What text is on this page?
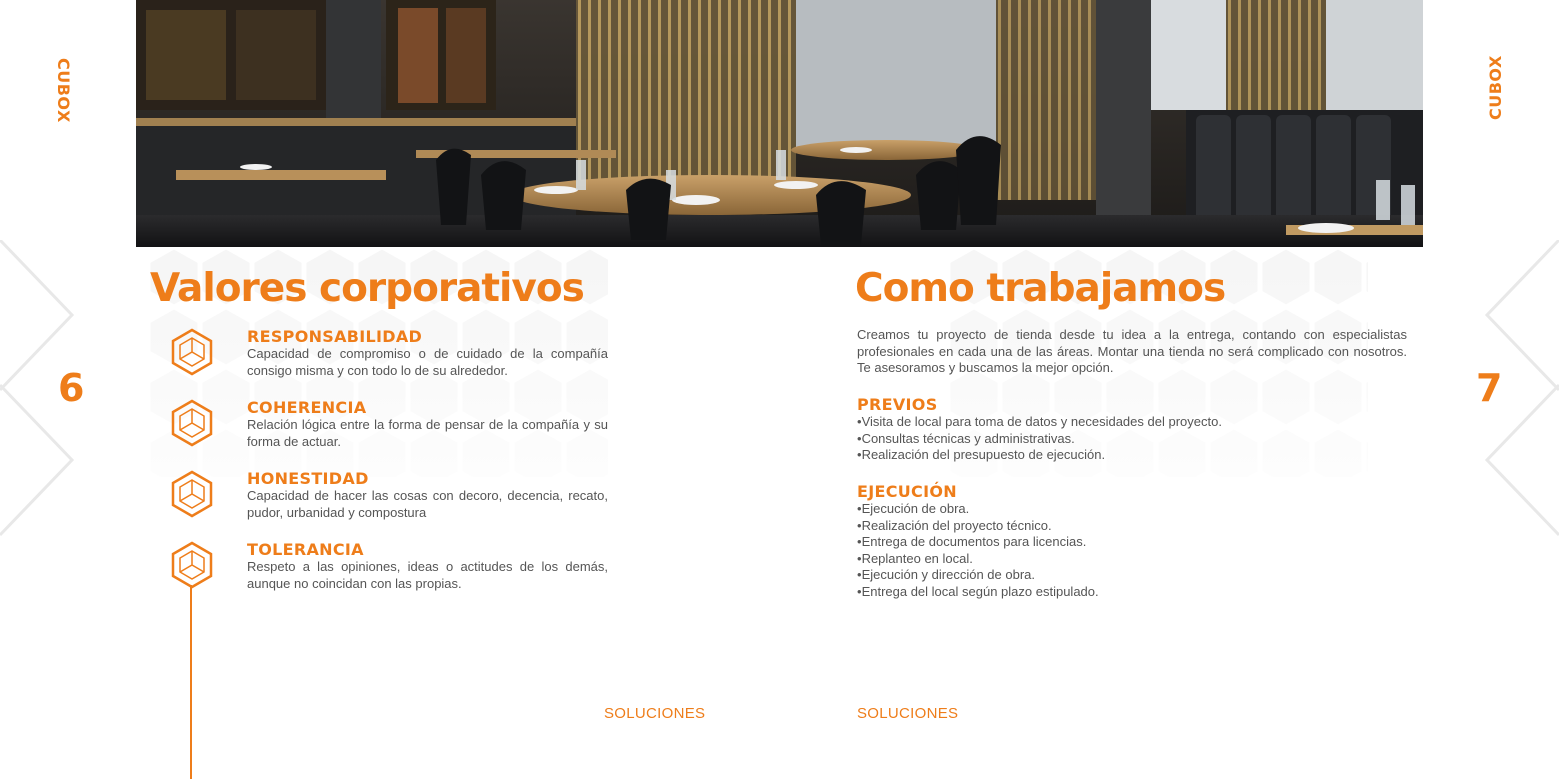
CUBOX	CUBOX
6	7
Valores corporativos
RESPONSABILIDAD
Capacidad de compromiso o de cuidado de la compañía consigo misma y con todo lo de su alrededor.
COHERENCIA
Relación lógica entre la forma de pensar de la compañía y su forma de actuar.
HONESTIDAD
Capacidad de hacer las cosas con decoro, decencia, recato, pudor, urbanidad y compostura
TOLERANCIA
Respeto a las opiniones, ideas o actitudes de los demás, aunque no coincidan con las propias.
Como trabajamos
Creamos tu proyecto de tienda desde tu idea a la entrega, contando con especialistas profesionales en cada una de las áreas. Montar una tienda no será complicado con nosotros. Te asesoramos y buscamos la mejor opción.
PREVIOS
• Visita de local para toma de datos y necesidades del proyecto.
• Consultas técnicas y administrativas.
• Realización del presupuesto de ejecución.
EJECUCIÓN
• Ejecución de obra.
• Realización del proyecto técnico.
• Entrega de documentos para licencias.
• Replanteo en local.
• Ejecución y dirección de obra.
• Entrega del local según plazo estipulado.
SOLUCIONES	SOLUCIONES
